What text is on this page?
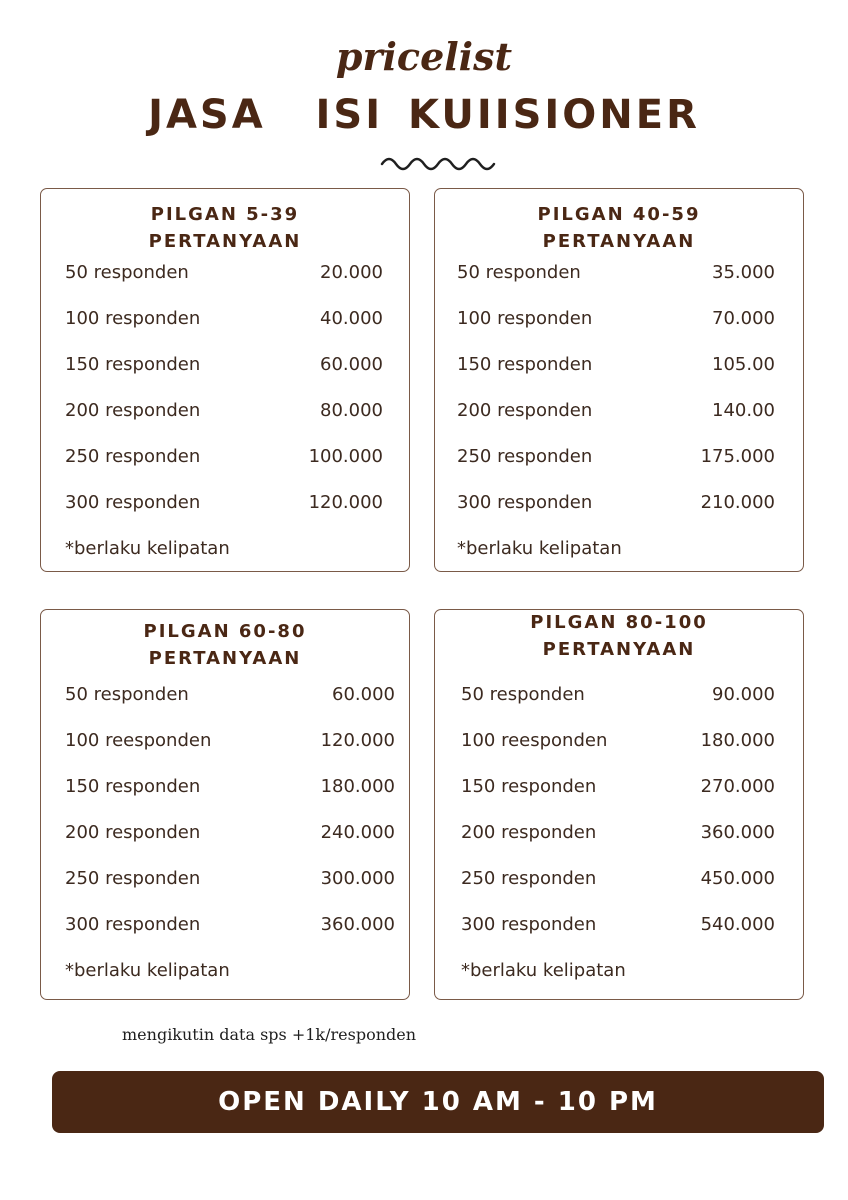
pricelist
JASA  ISI KUIISIONER
PILGAN 5-39
PERTANYAAN
50 responden	20.000
100 responden	40.000
150 responden	60.000
200 responden	80.000
250 responden	100.000
300 responden	120.000
*berlaku kelipatan
PILGAN 40-59
PERTANYAAN
50 responden	35.000
100 responden	70.000
150 responden	105.00
200 responden	140.00
250 responden	175.000
300 responden	210.000
*berlaku kelipatan
PILGAN 60-80
PERTANYAAN
50 responden	60.000
100 reesponden	120.000
150 responden	180.000
200 responden	240.000
250 responden	300.000
300 responden	360.000
*berlaku kelipatan
PILGAN 80-100
PERTANYAAN
50 responden	90.000
100 reesponden	180.000
150 responden	270.000
200 responden	360.000
250 responden	450.000
300 responden	540.000
*berlaku kelipatan
mengikutin data sps +1k/responden
OPEN DAILY 10 AM - 10 PM
